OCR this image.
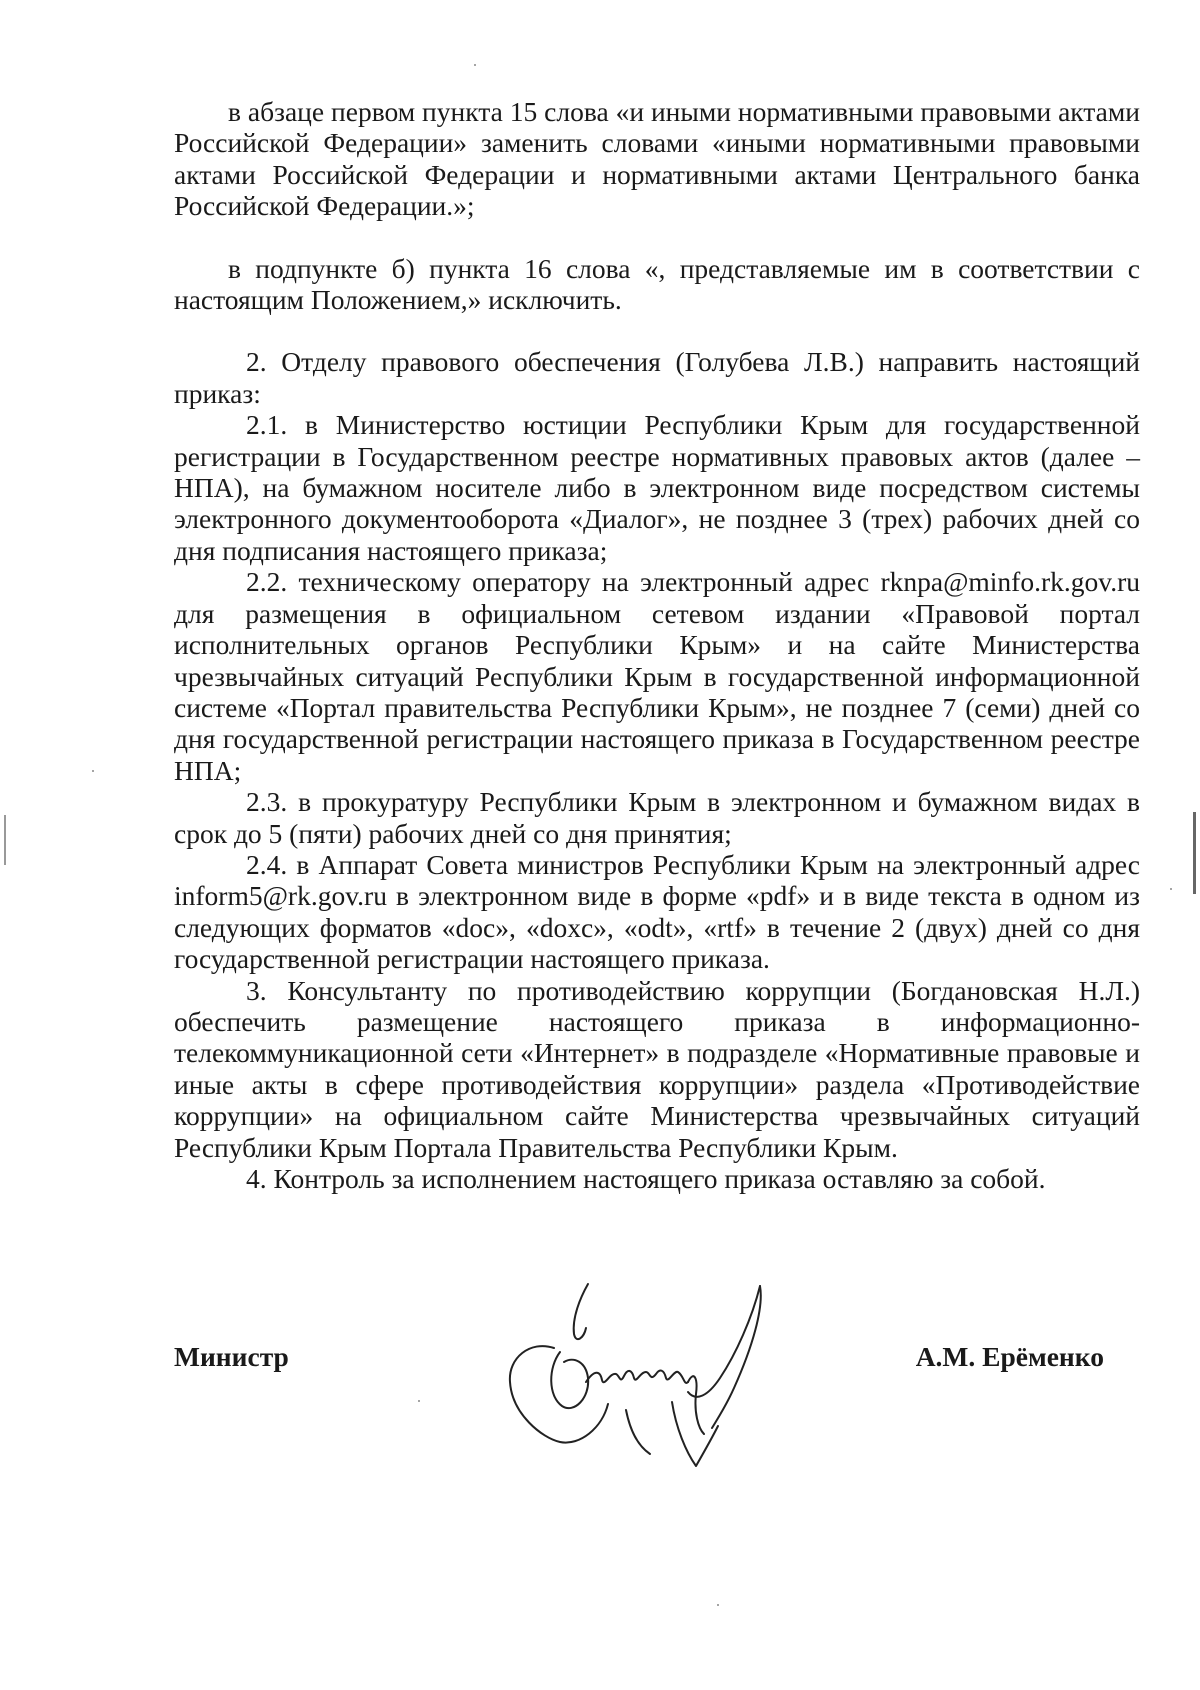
в абзаце первом пункта 15 слова «и иными нормативными правовыми актами Российской Федерации» заменить словами «иными нормативными правовыми актами Российской Федерации и нормативными актами Центрального банка Российской Федерации.»;

в подпункте б) пункта 16 слова «, представляемые им в соответствии с настоящим Положением,» исключить.

2. Отделу правового обеспечения (Голубева Л.В.) направить настоящий приказ:

2.1. в Министерство юстиции Республики Крым для государственной регистрации в Государственном реестре нормативных правовых актов (далее – НПА), на бумажном носителе либо в электронном виде посредством системы электронного документооборота «Диалог», не позднее 3 (трех) рабочих дней со дня подписания настоящего приказа;

2.2. техническому оператору на электронный адрес rknpa@minfo.rk.gov.ru для размещения в официальном сетевом издании «Правовой портал исполнительных органов Республики Крым» и на сайте Министерства чрезвычайных ситуаций Республики Крым в государственной информационной системе «Портал правительства Республики Крым», не позднее 7 (семи) дней со дня государственной регистрации настоящего приказа в Государственном реестре НПА;

2.3. в прокуратуру Республики Крым в электронном и бумажном видах в срок до 5 (пяти) рабочих дней со дня принятия;

2.4. в Аппарат Совета министров Республики Крым на электронный адрес inform5@rk.gov.ru в электронном виде в форме «pdf» и в виде текста в одном из следующих форматов «doc», «doxc», «odt», «rtf» в течение 2 (двух) дней со дня государственной регистрации настоящего приказа.

3. Консультанту по противодействию коррупции (Богдановская Н.Л.) обеспечить размещение настоящего приказа в информационно-телекоммуникационной сети «Интернет» в подразделе «Нормативные правовые и иные акты в сфере противодействия коррупции» раздела «Противодействие коррупции» на официальном сайте Министерства чрезвычайных ситуаций Республики Крым Портала Правительства Республики Крым.

4. Контроль за исполнением настоящего приказа оставляю за собой.

Министр	А.М. Ерёменко
